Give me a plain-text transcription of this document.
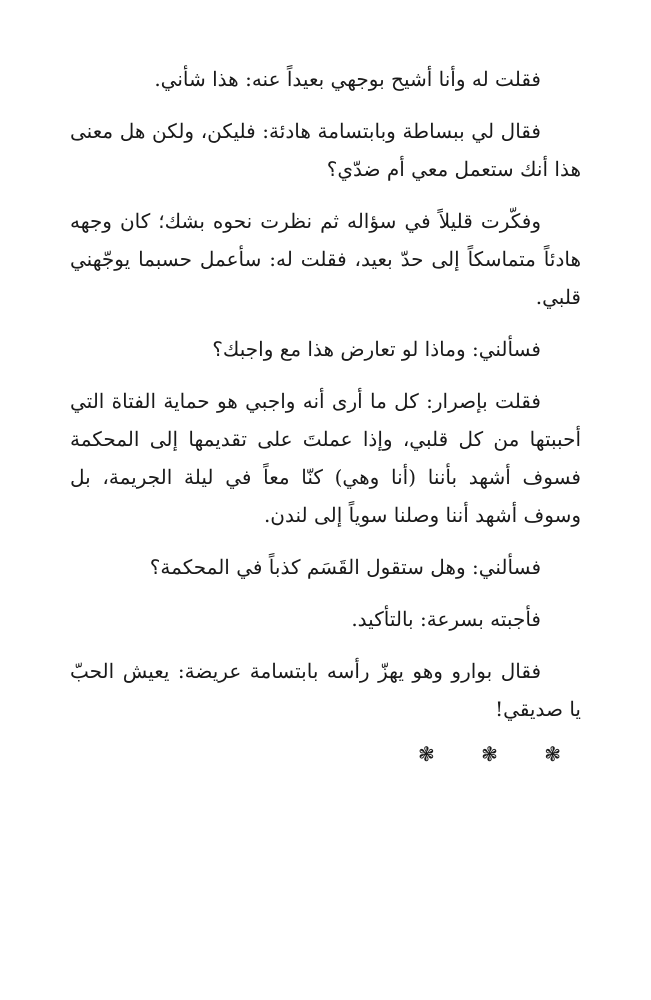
فقلت له وأنا أشيح بوجهي بعيداً عنه: هذا شأني.

فقال لي ببساطة وبابتسامة هادئة: فليكن، ولكن هل معنى هذا أنك ستعمل معي أم ضدّي؟

وفكّرت قليلاً في سؤاله ثم نظرت نحوه بشك؛ كان وجهه هادئاً متماسكاً إلى حدّ بعيد، فقلت له: سأعمل حسبما يوجّهني قلبي.

فسألني: وماذا لو تعارض هذا مع واجبك؟

فقلت بإصرار: كل ما أرى أنه واجبي هو حماية الفتاة التي أحببتها من كل قلبي، وإذا عملتَ على تقديمها إلى المحكمة فسوف أشهد بأننا (أنا وهي) كنّا معاً في ليلة الجريمة، بل وسوف أشهد أننا وصلنا سوياً إلى لندن.

فسألني: وهل ستقول القَسَم كذباً في المحكمة؟

فأجبته بسرعة: بالتأكيد.

فقال بوارو وهو يهزّ رأسه بابتسامة عريضة: يعيش الحبّ يا صديقي!

❃ ❃ ❃
